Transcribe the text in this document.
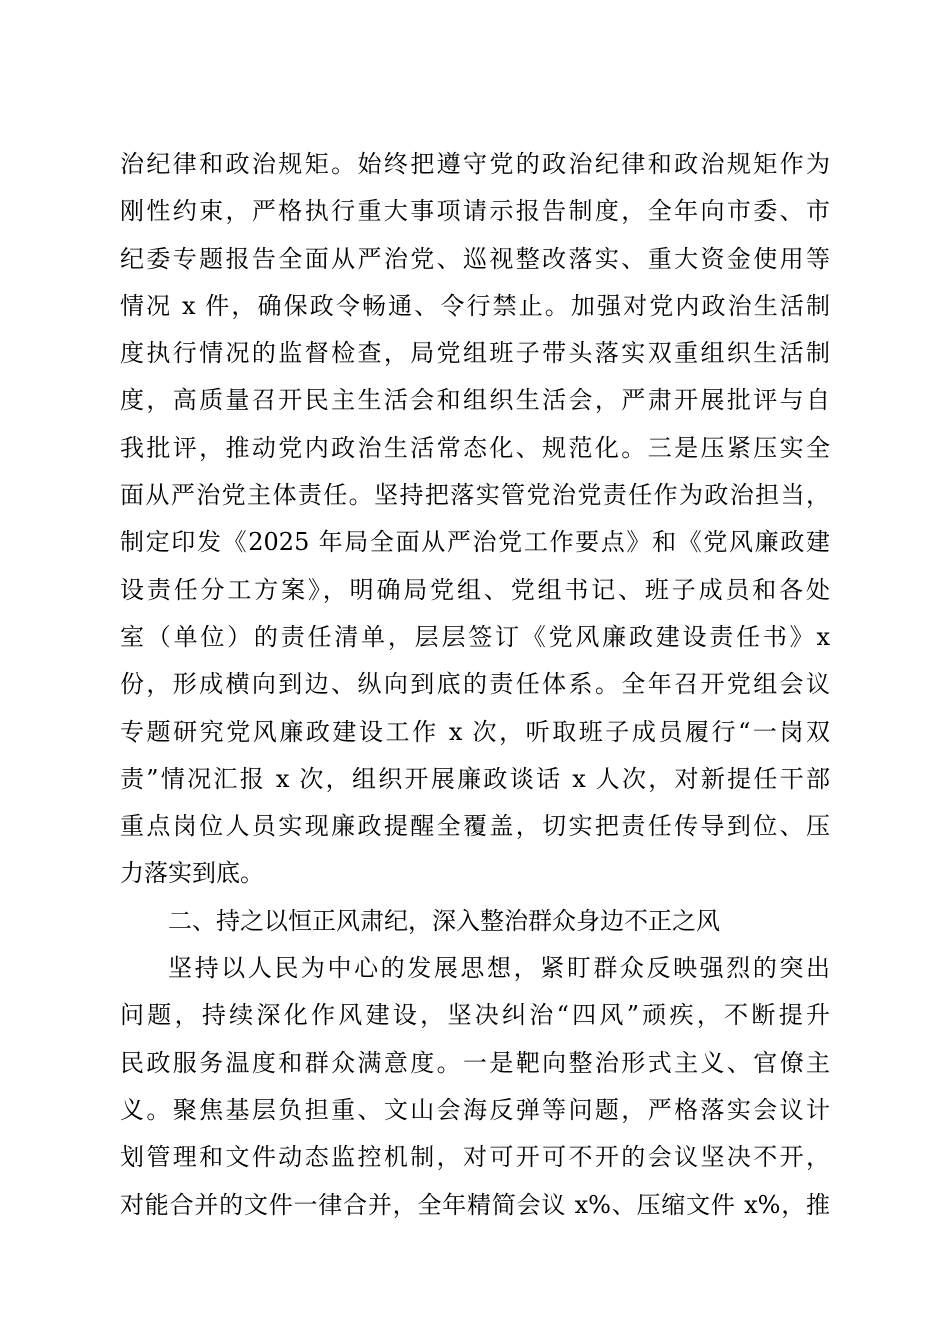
治纪律和政治规矩。始终把遵守党的政治纪律和政治规矩作为
刚性约束，严格执行重大事项请示报告制度，全年向市委、市
纪委专题报告全面从严治党、巡视整改落实、重大资金使用等
情况 x 件，确保政令畅通、令行禁止。加强对党内政治生活制
度执行情况的监督检查，局党组班子带头落实双重组织生活制
度，高质量召开民主生活会和组织生活会，严肃开展批评与自
我批评，推动党内政治生活常态化、规范化。三是压紧压实全
面从严治党主体责任。坚持把落实管党治党责任作为政治担当，
制定印发《2025 年局全面从严治党工作要点》和《党风廉政建
设责任分工方案》，明确局党组、党组书记、班子成员和各处
室（单位）的责任清单，层层签订《党风廉政建设责任书》x
份，形成横向到边、纵向到底的责任体系。全年召开党组会议
专题研究党风廉政建设工作 x 次，听取班子成员履行“一岗双
责”情况汇报 x 次，组织开展廉政谈话 x 人次，对新提任干部
重点岗位人员实现廉政提醒全覆盖，切实把责任传导到位、压
力落实到底。
二、持之以恒正风肃纪，深入整治群众身边不正之风
坚持以人民为中心的发展思想，紧盯群众反映强烈的突出
问题，持续深化作风建设，坚决纠治“四风”顽疾，不断提升
民政服务温度和群众满意度。一是靶向整治形式主义、官僚主
义。聚焦基层负担重、文山会海反弹等问题，严格落实会议计
划管理和文件动态监控机制，对可开可不开的会议坚决不开，
对能合并的文件一律合并，全年精简会议 x%、压缩文件 x%，推
